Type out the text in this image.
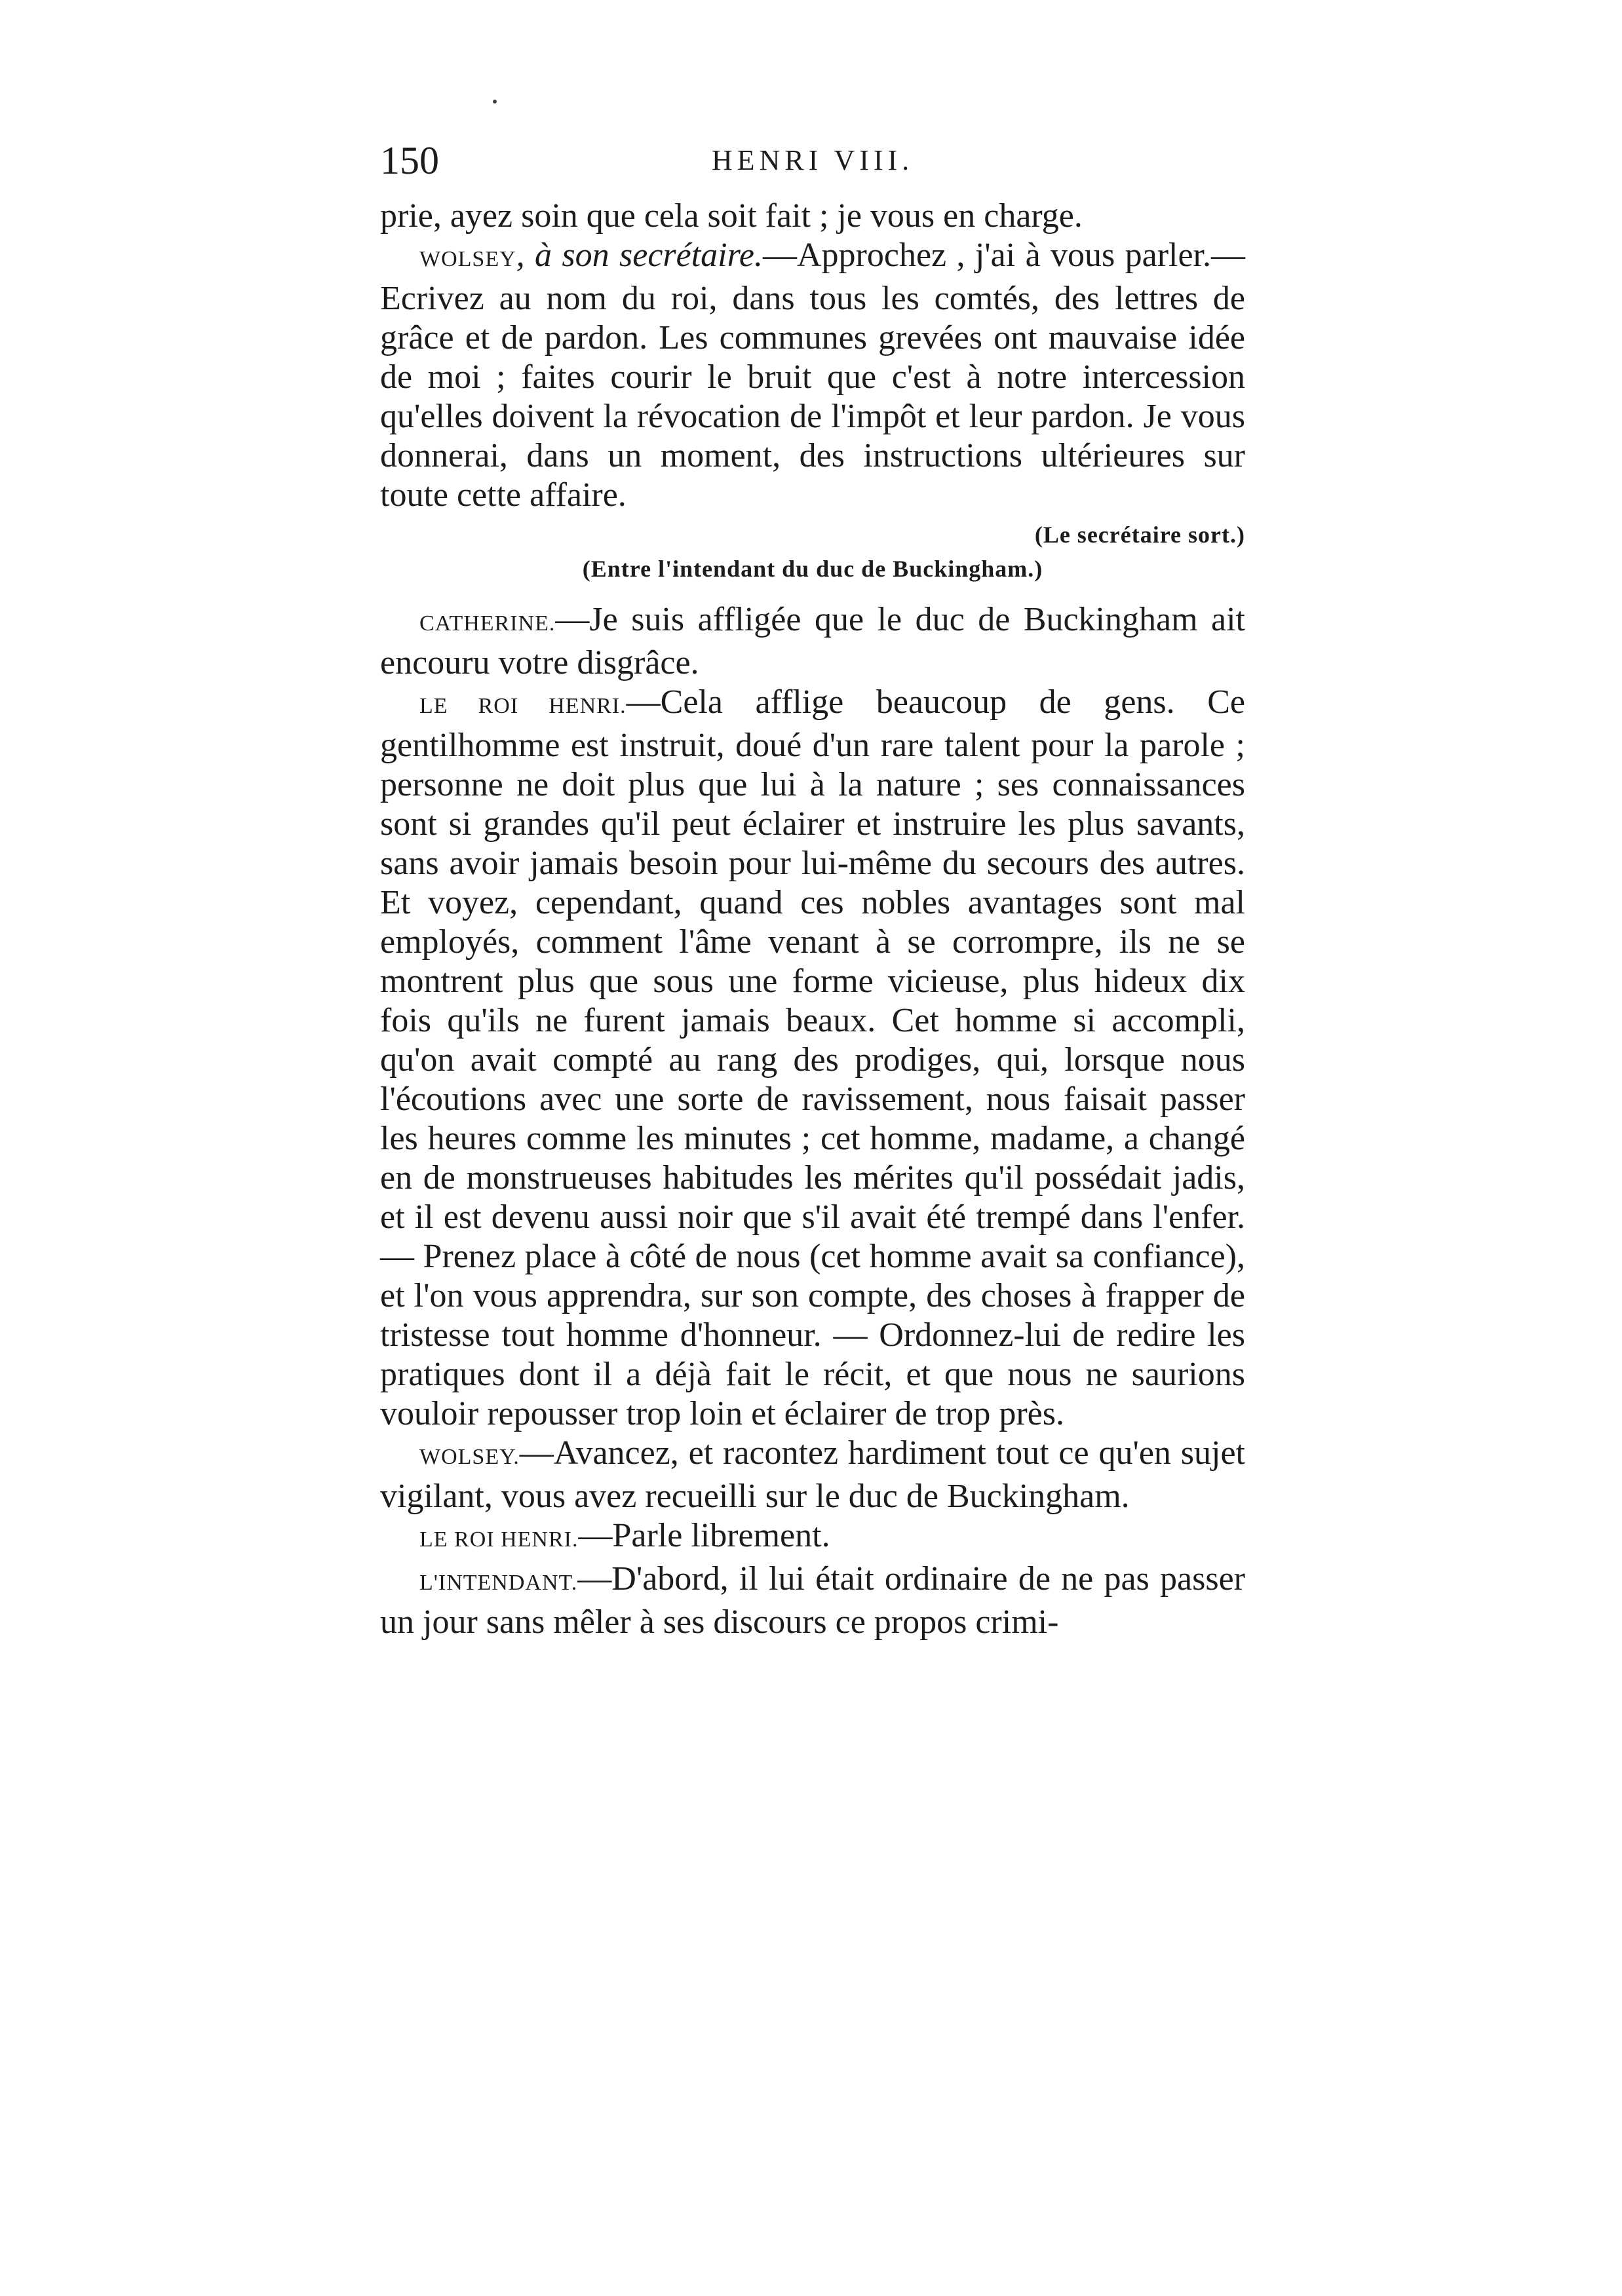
150	HENRI VIII.

prie, ayez soin que cela soit fait ; je vous en charge.

WOLSEY, à son secrétaire.—Approchez , j'ai à vous parler.—Ecrivez au nom du roi, dans tous les comtés, des lettres de grâce et de pardon. Les communes grevées ont mauvaise idée de moi ; faites courir le bruit que c'est à notre intercession qu'elles doivent la révocation de l'impôt et leur pardon. Je vous donnerai, dans un moment, des instructions ultérieures sur toute cette affaire.

(Le secrétaire sort.)

(Entre l'intendant du duc de Buckingham.)

CATHERINE.—Je suis affligée que le duc de Buckingham ait encouru votre disgrâce.

LE ROI HENRI.—Cela afflige beaucoup de gens. Ce gentilhomme est instruit, doué d'un rare talent pour la parole ; personne ne doit plus que lui à la nature ; ses connaissances sont si grandes qu'il peut éclairer et instruire les plus savants, sans avoir jamais besoin pour lui-même du secours des autres. Et voyez, cependant, quand ces nobles avantages sont mal employés, comment l'âme venant à se corrompre, ils ne se montrent plus que sous une forme vicieuse, plus hideux dix fois qu'ils ne furent jamais beaux. Cet homme si accompli, qu'on avait compté au rang des prodiges, qui, lorsque nous l'écoutions avec une sorte de ravissement, nous faisait passer les heures comme les minutes ; cet homme, madame, a changé en de monstrueuses habitudes les mérites qu'il possédait jadis, et il est devenu aussi noir que s'il avait été trempé dans l'enfer. — Prenez place à côté de nous (cet homme avait sa confiance), et l'on vous apprendra, sur son compte, des choses à frapper de tristesse tout homme d'honneur. — Ordonnez-lui de redire les pratiques dont il a déjà fait le récit, et que nous ne saurions vouloir repousser trop loin et éclairer de trop près.

WOLSEY.—Avancez, et racontez hardiment tout ce qu'en sujet vigilant, vous avez recueilli sur le duc de Buckingham.

LE ROI HENRI.—Parle librement.

L'INTENDANT.—D'abord, il lui était ordinaire de ne pas passer un jour sans mêler à ses discours ce propos crimi-
